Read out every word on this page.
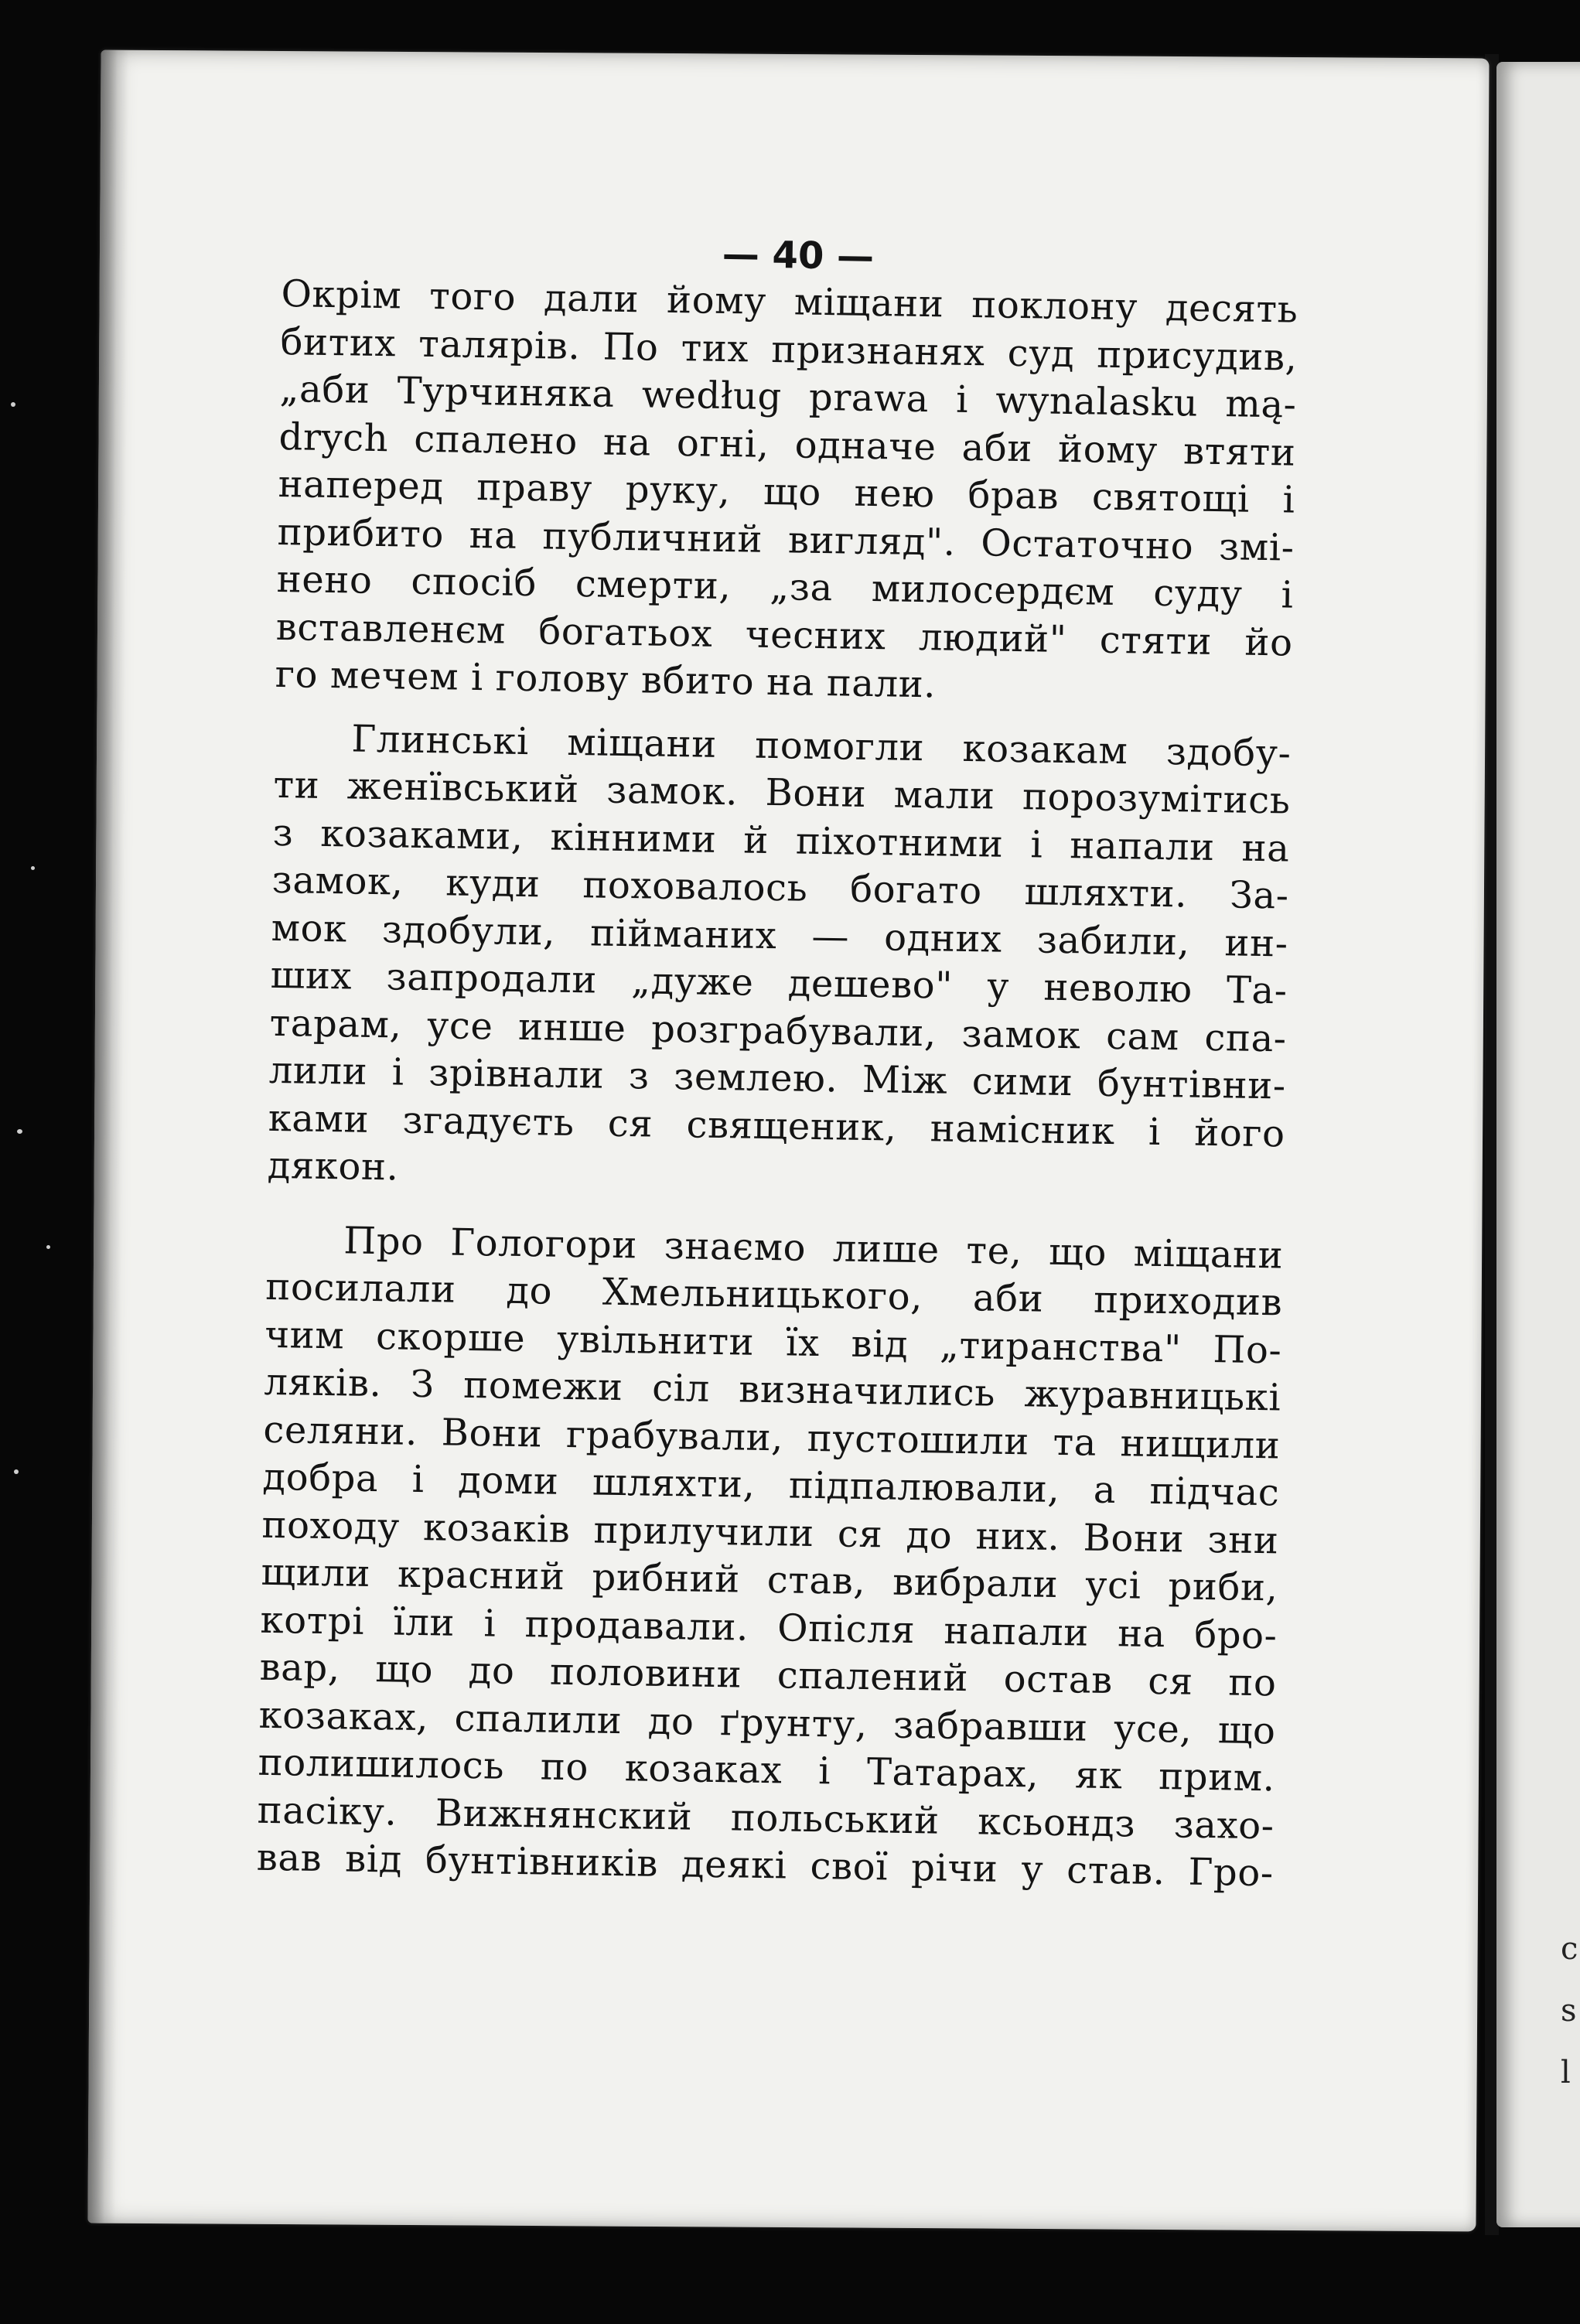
c
s
l
— 40 —
Окрім того дали йому міщани поклону десять
битих талярів. По тих признанях суд присудив,
„аби Турчиняка według prawa i wynalasku mą-
drych спалено на огні, одначе аби йому втяти
наперед праву руку, що нею брав святощі і
прибито на публичний вигляд". Остаточно змі-
нено спосіб смерти, „за милосердєм суду і
вставленєм богатьох чесних людий" стяти йо
го мечем і голову вбито на пали.
Глинські міщани помогли козакам здобу-
ти женївський замок. Вони мали порозумітись
з козаками, кінними й піхотними і напали на
замок, куди поховалось богато шляхти. За-
мок здобули, піймaних — одних забили, ин-
ших запродали „дуже дешево" у неволю Та-
тарам, усе инше розграбували, замок сам спа-
лили і зрівнали з землею. Між сими бунтівни-
ками згадуєть ся священик, намісник і його
дякон.
Про Гологори знаємо лише те, що міщани
посилали до Хмельницького, аби приходив
чим скорше увільнити їх від „тиранства" По-
ляків. З помежи сіл визначились журавницькі
селяни. Вони грабували, пустошили та нищили
добра і доми шляхти, підпалювали, а підчас
походу козаків прилучили ся до них. Вони зни
щили красний рибний став, вибрали усі риби,
котрі їли і продавали. Опісля напали на бро-
вар, що до половини спалений остав ся по
козаках, спалили до ґрунту, забравши усе, що
полишилось по козаках і Татарах, як прим.
пасіку. Вижнянский польський ксьондз захо-
вав від бунтівників деякі свої річи у став. Гро-
